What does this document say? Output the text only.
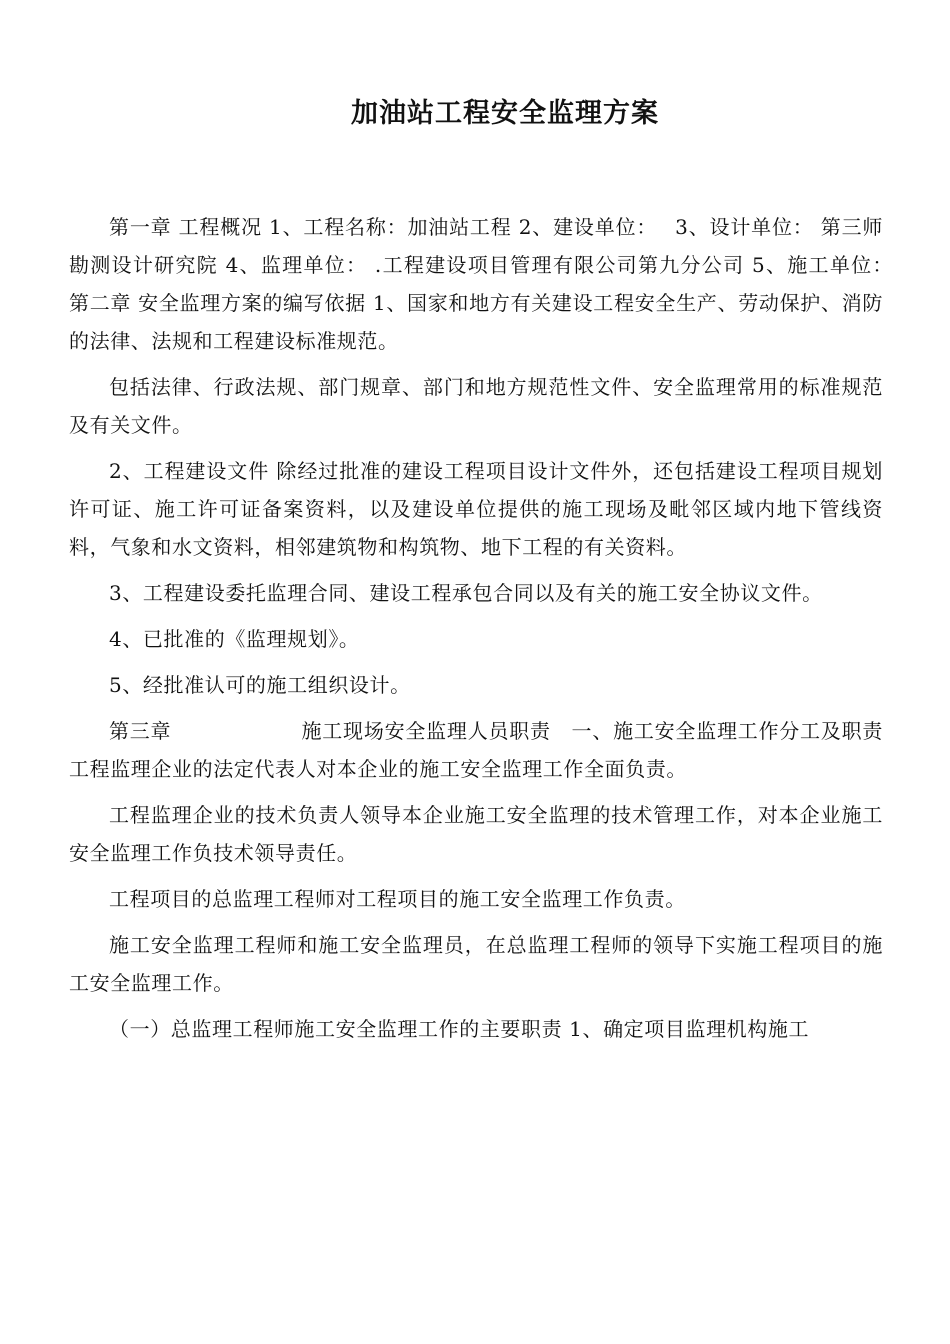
加油站工程安全监理方案

第一章 工程概况 1、工程名称：加油站工程 2、建设单位：　 3、设计单位： 第三师勘测设计研究院 4、监理单位： .工程建设项目管理有限公司第九分公司 5、施工单位：　 第二章 安全监理方案的编写依据 1、国家和地方有关建设工程安全生产、劳动保护、消防的法律、法规和工程建设标准规范。

包括法律、行政法规、部门规章、部门和地方规范性文件、安全监理常用的标准规范及有关文件。

2、工程建设文件 除经过批准的建设工程项目设计文件外，还包括建设工程项目规划许可证、施工许可证备案资料，以及建设单位提供的施工现场及毗邻区域内地下管线资料，气象和水文资料，相邻建筑物和构筑物、地下工程的有关资料。

3、工程建设委托监理合同、建设工程承包合同以及有关的施工安全协议文件。

4、已批准的《监理规划》。

5、经批准认可的施工组织设计。

第三章	施工现场安全监理人员职责　一、施工安全监理工作分工及职责 工程监理企业的法定代表人对本企业的施工安全监理工作全面负责。

工程监理企业的技术负责人领导本企业施工安全监理的技术管理工作，对本企业施工安全监理工作负技术领导责任。

工程项目的总监理工程师对工程项目的施工安全监理工作负责。

施工安全监理工程师和施工安全监理员，在总监理工程师的领导下实施工程项目的施工安全监理工作。

（一）总监理工程师施工安全监理工作的主要职责 1、确定项目监理机构施工
